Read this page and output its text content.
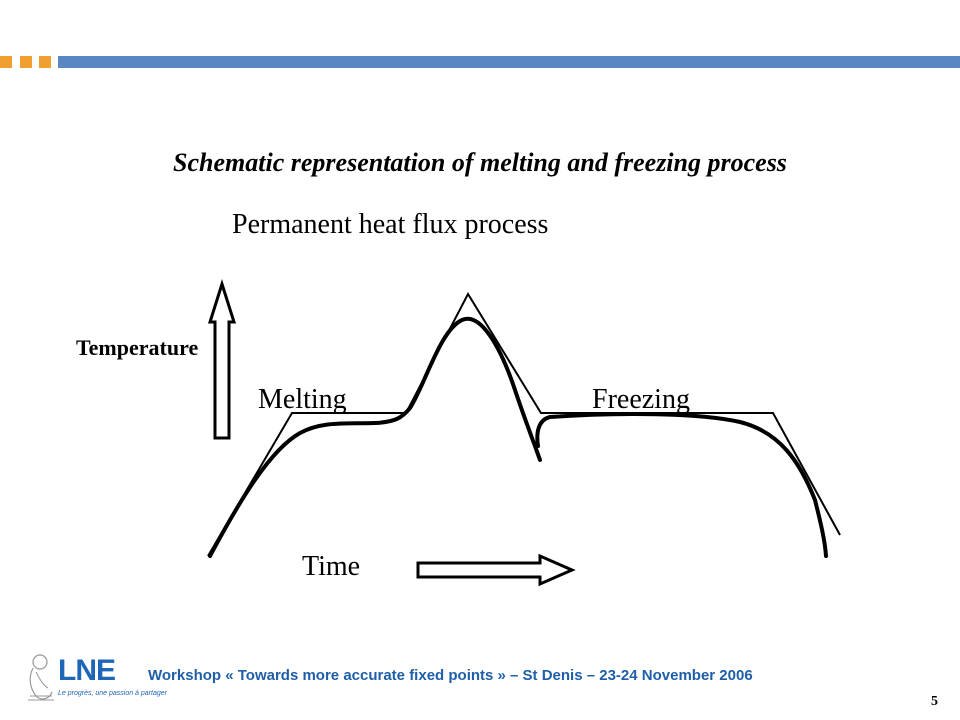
Schematic representation of melting and freezing process
Permanent heat flux process
Temperature
Melting	Freezing
Time
LNE
Le progrès, une passion à partager
Workshop « Towards more accurate fixed points » – St Denis – 23-24 November 2006
5
